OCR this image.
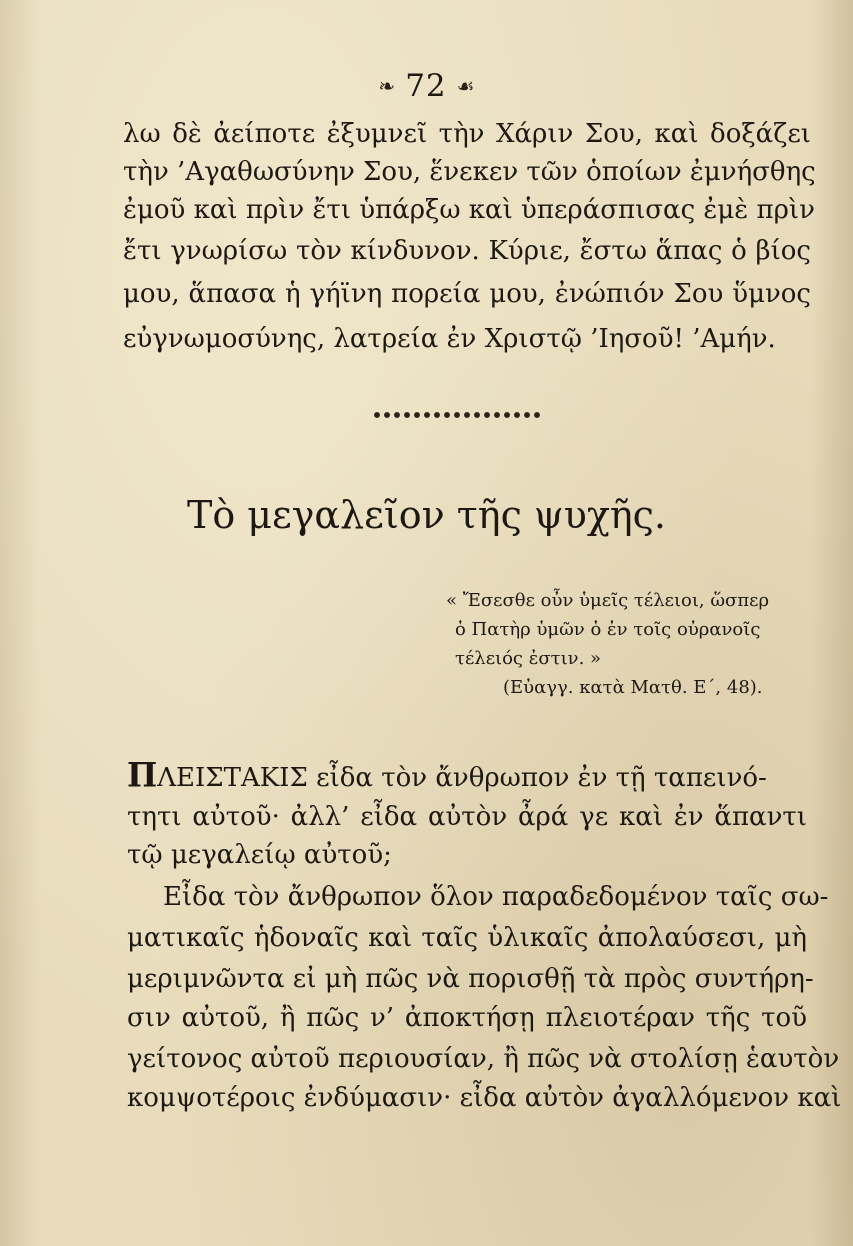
❧ 72 ☙
λω δὲ ἀείποτε ἐξυμνεῖ τὴν Χάριν Σου, καὶ δοξάζει
τὴν ’Αγαθωσύνην Σου, ἕνεκεν τῶν ὁποίων ἐμνήσθης
ἐμοῦ καὶ πρὶν ἔτι ὑπάρξω καὶ ὑπεράσπισας ἐμὲ πρὶν
ἔτι γνωρίσω τὸν κίνδυνον. Κύριε, ἔστω ἅπας ὁ βίος
μου, ἅπασα ἡ γήϊνη πορεία μου, ἐνώπιόν Σου ὕμνος
εὐγνωμοσύνης, λατρεία ἐν Χριστῷ ’Ιησοῦ! ’Αμήν.
Τὸ μεγαλεῖον τῆς ψυχῆς.
« Ἔσεσθε οὖν ὑμεῖς τέλειοι, ὥσπερ
ὁ Πατὴρ ὑμῶν ὁ ἐν τοῖς οὐρανοῖς
τέλειός ἐστιν. »
(Εὐαγγ. κατὰ Ματθ. Ε΄, 48).
ΠΛΕΙΣΤΑΚΙΣ εἶδα τὸν ἄνθρωπον ἐν τῇ ταπεινό-
τητι αὐτοῦ· ἀλλ’ εἶδα αὐτὸν ἆρά γε καὶ ἐν ἅπαντι
τῷ μεγαλείῳ αὐτοῦ;
Εἶδα τὸν ἄνθρωπον ὅλον παραδεδομένον ταῖς σω-
ματικαῖς ἡδοναῖς καὶ ταῖς ὑλικαῖς ἀπολαύσεσι, μὴ
μεριμνῶντα εἰ μὴ πῶς νὰ πορισθῇ τὰ πρὸς συντήρη-
σιν αὐτοῦ, ἢ πῶς ν’ ἀποκτήσῃ πλειοτέραν τῆς τοῦ
γείτονος αὐτοῦ περιουσίαν, ἢ πῶς νὰ στολίσῃ ἑαυτὸν
κομψοτέροις ἐνδύμασιν· εἶδα αὐτὸν ἀγαλλόμενον καὶ
